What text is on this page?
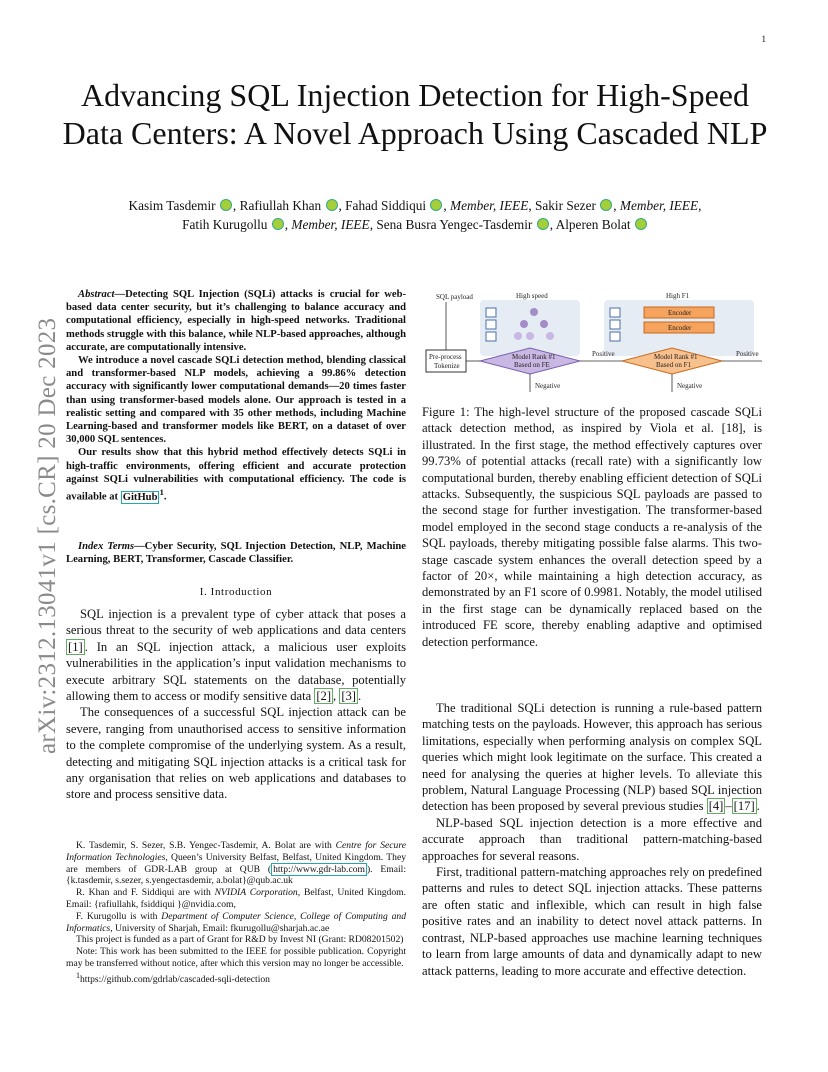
1
arXiv:2312.13041v1 [cs.CR] 20 Dec 2023
Advancing SQL Injection Detection for High-Speed Data Centers: A Novel Approach Using Cascaded NLP
Kasim Tasdemir , Rafiullah Khan , Fahad Siddiqui , Member, IEEE, Sakir Sezer , Member, IEEE,
Fatih Kurugollu , Member, IEEE, Sena Busra Yengec-Tasdemir , Alperen Bolat

Abstract—Detecting SQL Injection (SQLi) attacks is crucial for web-based data center security, but it’s challenging to balance accuracy and computational efficiency, especially in high-speed networks. Traditional methods struggle with this balance, while NLP-based approaches, although accurate, are computationally intensive.

We introduce a novel cascade SQLi detection method, blending classical and transformer-based NLP models, achieving a 99.86% detection accuracy with significantly lower computational demands—20 times faster than using transformer-based models alone. Our approach is tested in a realistic setting and compared with 35 other methods, including Machine Learning-based and transformer models like BERT, on a dataset of over 30,000 SQL sentences.

Our results show that this hybrid method effectively detects SQLi in high-traffic environments, offering efficient and accurate protection against SQLi vulnerabilities with computational efficiency. The code is available at GitHub $^1$.

Index Terms—Cyber Security, SQL Injection Detection, NLP, Machine Learning, BERT, Transformer, Cascade Classifier.

I. Introduction

SQL injection is a prevalent type of cyber attack that poses a serious threat to the security of web applications and data centers [1] . In an SQL injection attack, a malicious user exploits vulnerabilities in the application’s input validation mechanisms to execute arbitrary SQL statements on the database, potentially allowing them to access or modify sensitive data [2] , [3] .

The consequences of a successful SQL injection attack can be severe, ranging from unauthorised access to sensitive information to the complete compromise of the underlying system. As a result, detecting and mitigating SQL injection attacks is a critical task for any organisation that relies on web applications and databases to store and process sensitive data.

K. Tasdemir, S. Sezer, S.B. Yengec-Tasdemir, A. Bolat are with Centre for Secure Information Technologies, Queen’s University Belfast, Belfast, United Kingdom. They are members of GDR-LAB group at QUB ( http://www.gdr-lab.com ). Email: {k.tasdemir, s.sezer, s.yengectasdemir, a.bolat}@qub.ac.uk

R. Khan and F. Siddiqui are with NVIDIA Corporation, Belfast, United Kingdom. Email: {rafiullahk, fsiddiqui }@nvidia.com,

F. Kurugollu is with Department of Computer Science, College of Computing and Informatics, University of Sharjah, Email: fkurugollu@sharjah.ac.ae

This project is funded as a part of Grant for R&D by Invest NI (Grant: RD08201502)

Note: This work has been submitted to the IEEE for possible publication. Copyright may be transferred without notice, after which this version may no longer be accessible.

$^1$https://github.com/gdrlab/cascaded-sqli-detection

SQL payload	High speed	High F1
Encoder
Encoder
Pre-process
Tokenize
Model Rank #1
Based on FE
Model Rank #1
Based on F1
Positive	Positive
Negative	Negative
Figure 1: The high-level structure of the proposed cascade SQLi attack detection method, as inspired by Viola et al. [18], is illustrated. In the first stage, the method effectively captures over 99.73% of potential attacks (recall rate) with a significantly low computational burden, thereby enabling efficient detection of SQLi attacks. Subsequently, the suspicious SQL payloads are passed to the second stage for further investigation. The transformer-based model employed in the second stage conducts a re-analysis of the SQL payloads, thereby mitigating possible false alarms. This two-stage cascade system enhances the overall detection speed by a factor of 20×, while maintaining a high detection accuracy, as demonstrated by an F1 score of 0.9981. Notably, the model utilised in the first stage can be dynamically replaced based on the introduced FE score, thereby enabling adaptive and optimised detection performance.

The traditional SQLi detection is running a rule-based pattern matching tests on the payloads. However, this approach has serious limitations, especially when performing analysis on complex SQL queries which might look legitimate on the surface. This created a need for analysing the queries at higher levels. To alleviate this problem, Natural Language Processing (NLP) based SQL injection detection has been proposed by several previous studies [4] – [17] .

NLP-based SQL injection detection is a more effective and accurate approach than traditional pattern-matching-based approaches for several reasons.

First, traditional pattern-matching approaches rely on predefined patterns and rules to detect SQL injection attacks. These patterns are often static and inflexible, which can result in high false positive rates and an inability to detect novel attack patterns. In contrast, NLP-based approaches use machine learning techniques to learn from large amounts of data and dynamically adapt to new attack patterns, leading to more accurate and effective detection.
